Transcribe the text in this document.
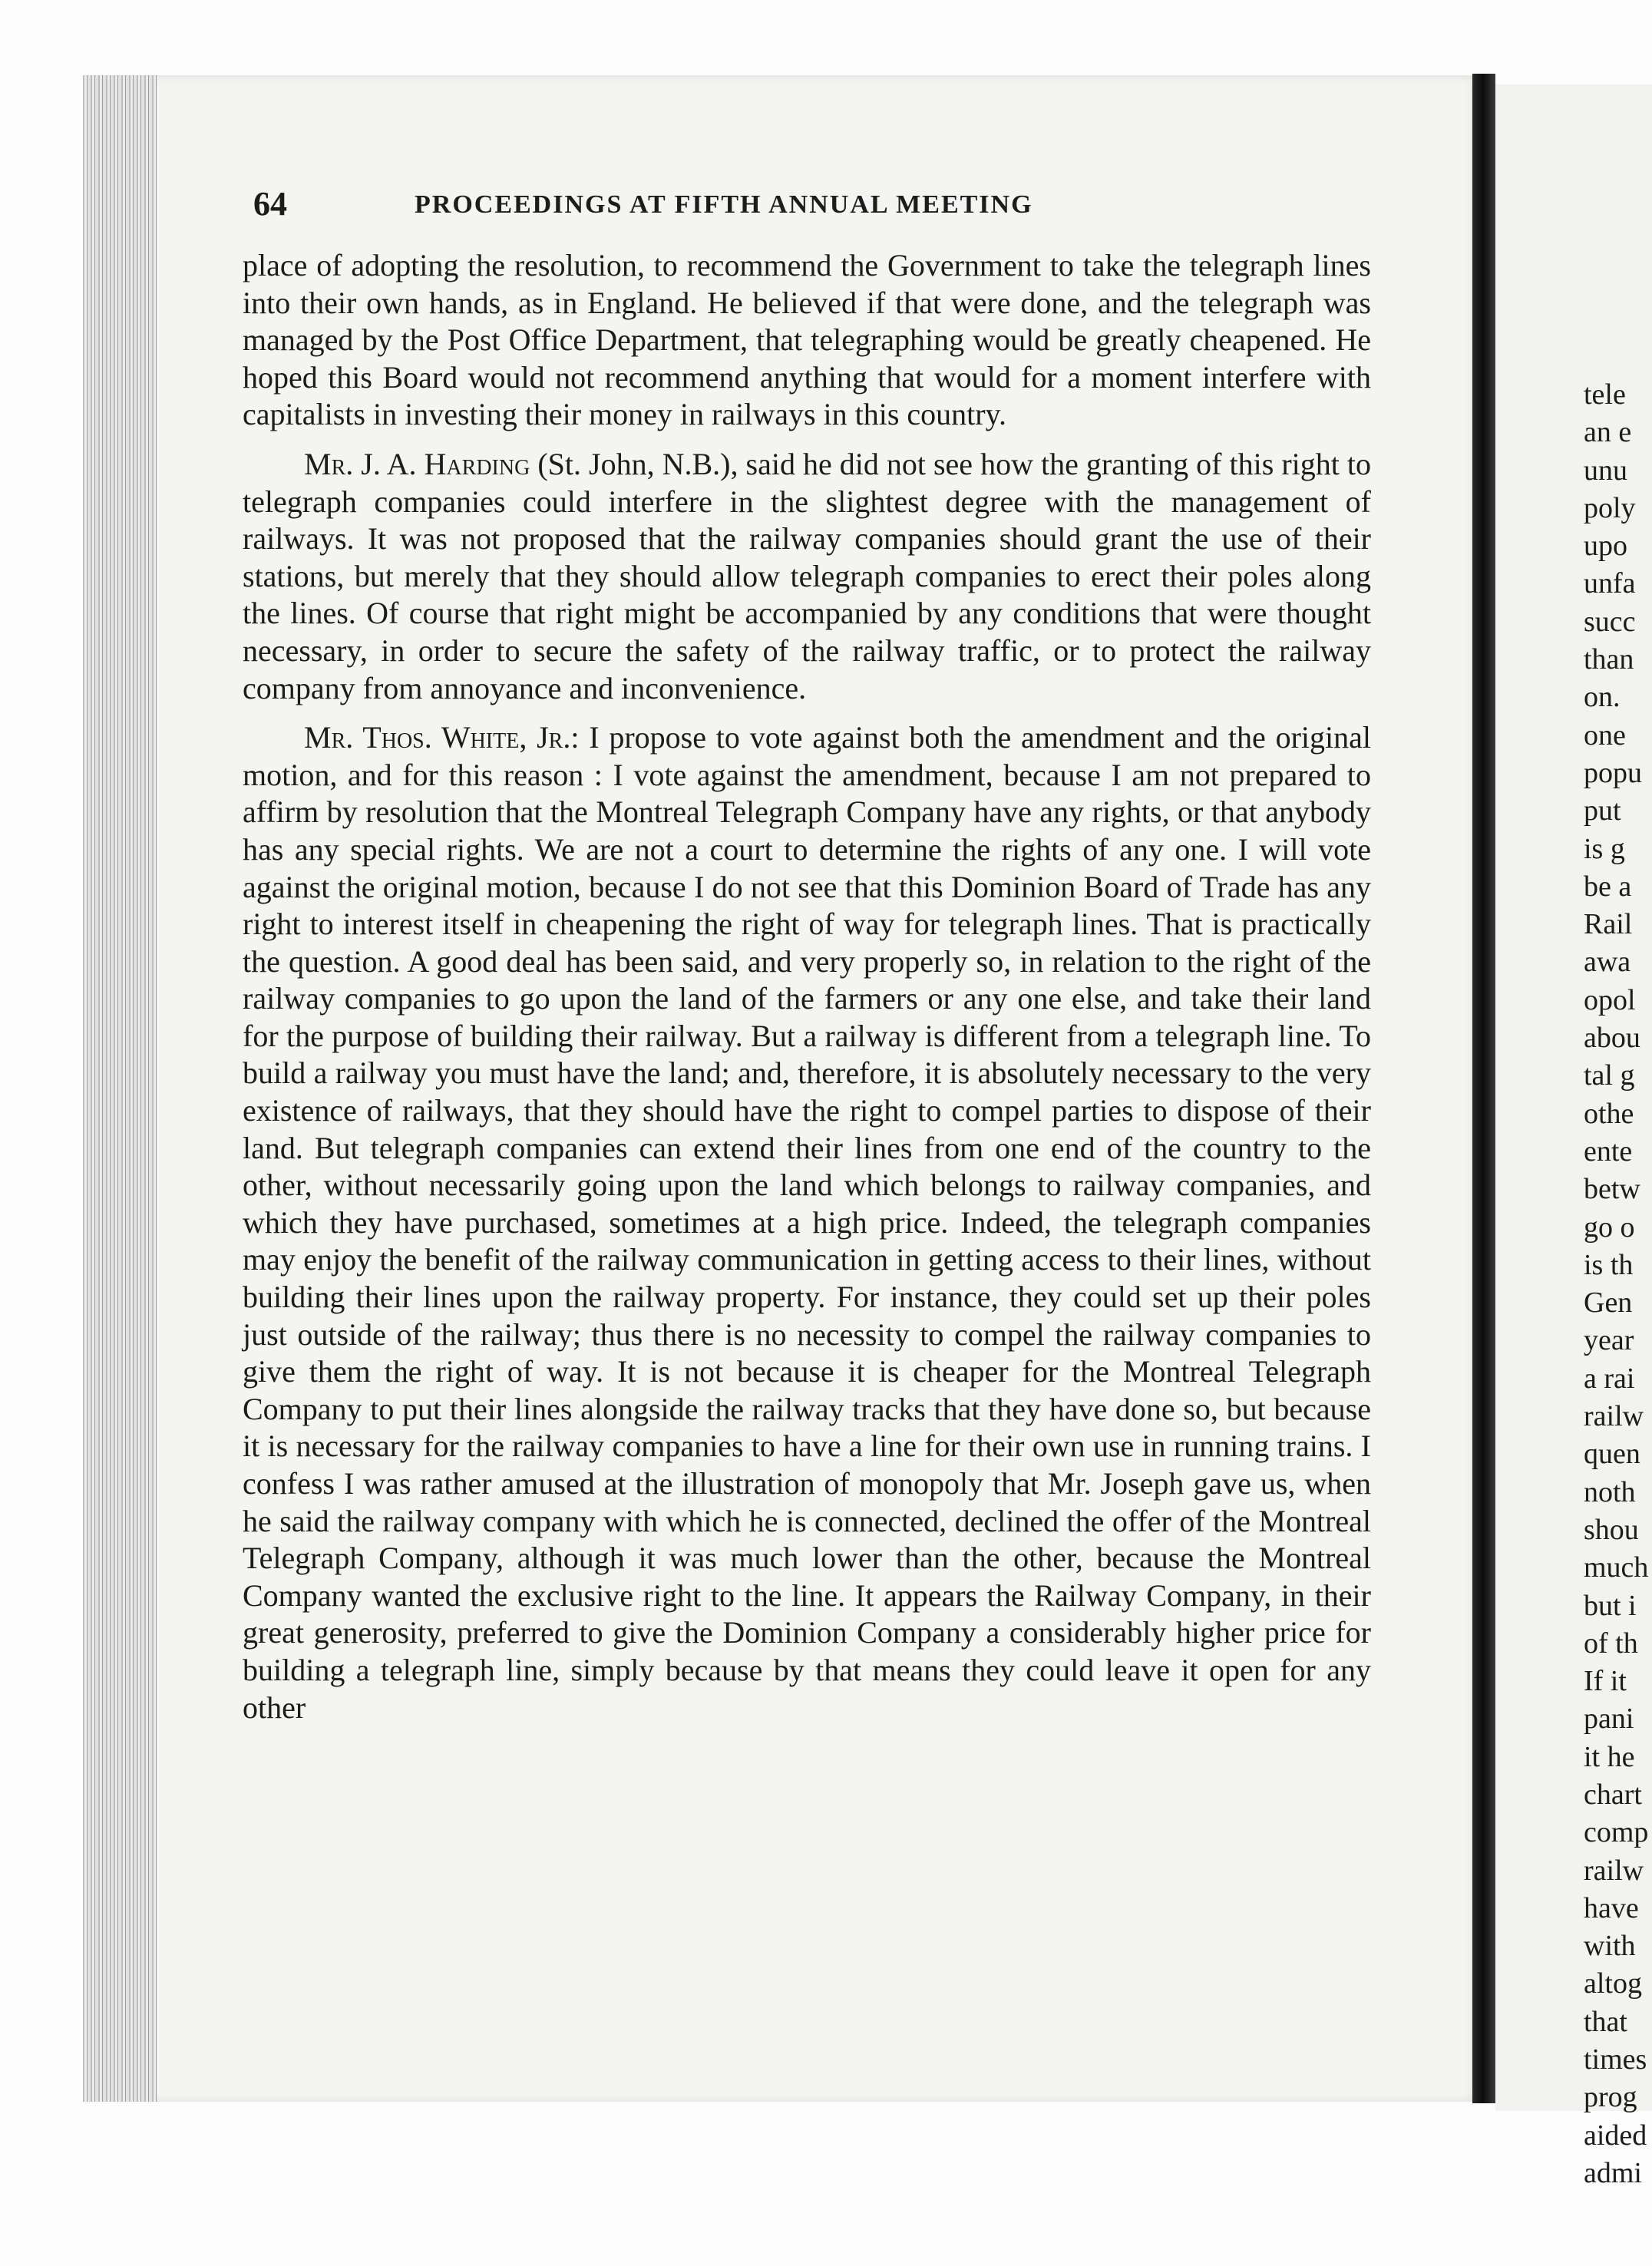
tele
an e
unu
poly
upo
unfa
succ
than
on.
one
popu
put
is g
be a
Rail
awa
opol
abou
tal g
othe
ente
betw
go o
is th
Gen
year
a rai
railw
quen
noth
shou
much
but i
of th
If it
pani
it he
chart
comp
railw
have
with
altog
that
times
prog
aided
admi
64	PROCEEDINGS AT FIFTH ANNUAL MEETING

place of adopting the resolution, to recommend the Government to take the telegraph lines into their own hands, as in England. He believed if that were done, and the telegraph was managed by the Post Office Department, that telegraphing would be greatly cheapened. He hoped this Board would not recommend anything that would for a moment interfere with capitalists in investing their money in railways in this country.

Mr. J. A. Harding (St. John, N.B.), said he did not see how the granting of this right to telegraph companies could interfere in the slightest degree with the management of railways. It was not proposed that the railway companies should grant the use of their stations, but merely that they should allow telegraph companies to erect their poles along the lines. Of course that right might be accompanied by any conditions that were thought necessary, in order to secure the safety of the railway traffic, or to protect the railway company from annoyance and inconvenience.

Mr. Thos. White, Jr.: I propose to vote against both the amendment and the original motion, and for this reason : I vote against the amendment, because I am not prepared to affirm by resolution that the Montreal Telegraph Company have any rights, or that anybody has any special rights. We are not a court to determine the rights of any one. I will vote against the original motion, because I do not see that this Dominion Board of Trade has any right to interest itself in cheapening the right of way for telegraph lines. That is practically the question. A good deal has been said, and very properly so, in relation to the right of the railway companies to go upon the land of the farmers or any one else, and take their land for the purpose of building their railway. But a railway is different from a telegraph line. To build a railway you must have the land; and, therefore, it is absolutely necessary to the very existence of railways, that they should have the right to compel parties to dispose of their land. But telegraph companies can extend their lines from one end of the country to the other, without necessarily going upon the land which belongs to railway companies, and which they have purchased, sometimes at a high price. Indeed, the telegraph companies may enjoy the benefit of the railway communication in getting access to their lines, without building their lines upon the railway property. For instance, they could set up their poles just outside of the railway; thus there is no necessity to compel the railway companies to give them the right of way. It is not because it is cheaper for the Montreal Telegraph Company to put their lines alongside the railway tracks that they have done so, but because it is necessary for the railway companies to have a line for their own use in running trains. I confess I was rather amused at the illustration of monopoly that Mr. Joseph gave us, when he said the railway company with which he is connected, declined the offer of the Montreal Telegraph Company, although it was much lower than the other, because the Montreal Company wanted the exclusive right to the line. It appears the Railway Company, in their great generosity, preferred to give the Dominion Company a considerably higher price for building a telegraph line, simply because by that means they could leave it open for any other
